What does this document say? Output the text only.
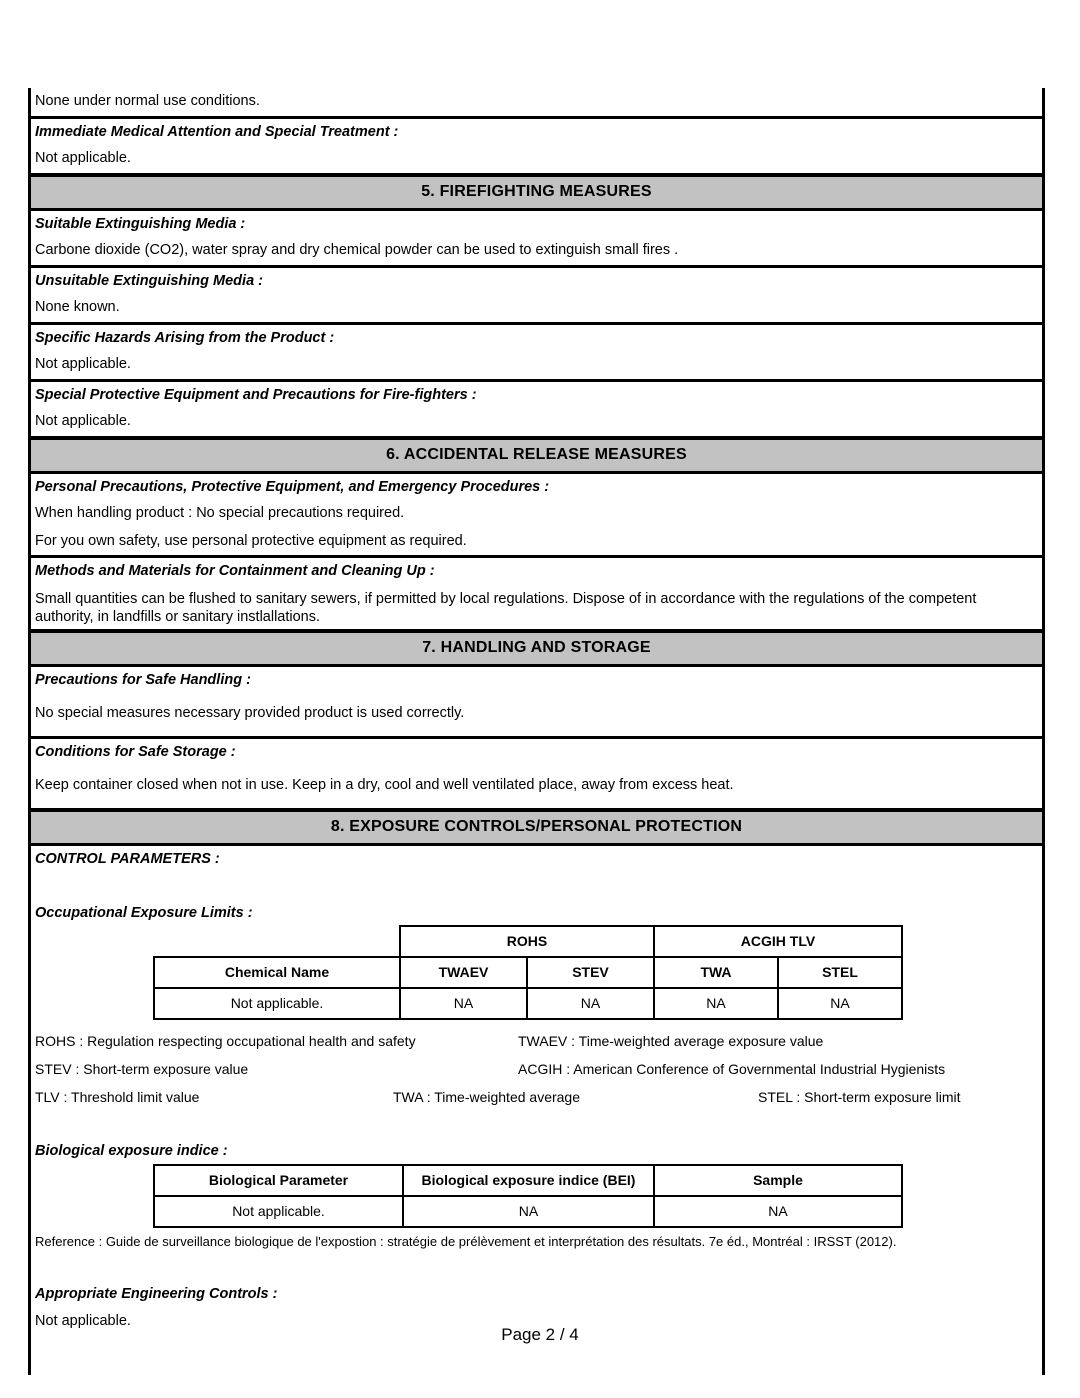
None under normal use conditions.

Immediate Medical Attention and Special Treatment :
Not applicable.

5. FIREFIGHTING MEASURES

Suitable Extinguishing Media :
Carbone dioxide (CO2), water spray and dry chemical powder can be used to extinguish small fires .

Unsuitable Extinguishing Media :
None known.

Specific Hazards Arising from the Product :
Not applicable.

Special Protective Equipment and Precautions for Fire-fighters :
Not applicable.

6. ACCIDENTAL RELEASE MEASURES

Personal Precautions, Protective Equipment, and Emergency Procedures :
When handling product : No special precautions required.
For you own safety, use personal protective equipment as required.

Methods and Materials for Containment and Cleaning Up :
Small quantities can be flushed to sanitary sewers, if permitted by local regulations. Dispose of in accordance with the regulations of the competent authority, in landfills or sanitary instlallations.

7. HANDLING AND STORAGE

Precautions for Safe Handling :
No special measures necessary provided product is used correctly.

Conditions for Safe Storage :
Keep container closed when not in use. Keep in a dry, cool and well ventilated place, away from excess heat.

8. EXPOSURE CONTROLS/PERSONAL PROTECTION

CONTROL PARAMETERS :
Occupational Exposure Limits :
	ROHS	ACGIH TLV
Chemical Name	TWAEV	STEV	TWA	STEL
Not applicable.	NA	NA	NA	NA
ROHS : Regulation respecting occupational health and safety	TWAEV : Time-weighted average exposure value
STEV : Short-term exposure value	ACGIH : American Conference of Governmental Industrial Hygienists
TLV : Threshold limit value	TWA : Time-weighted average	STEL : Short-term exposure limit
Biological exposure indice :
Biological Parameter	Biological exposure indice (BEI)	Sample
Not applicable.	NA	NA
Reference : Guide de surveillance biologique de l'expostion : stratégie de prélèvement et interprétation des résultats. 7e éd., Montréal : IRSST (2012).
Appropriate Engineering Controls :
Not applicable.
Page 2 / 4
